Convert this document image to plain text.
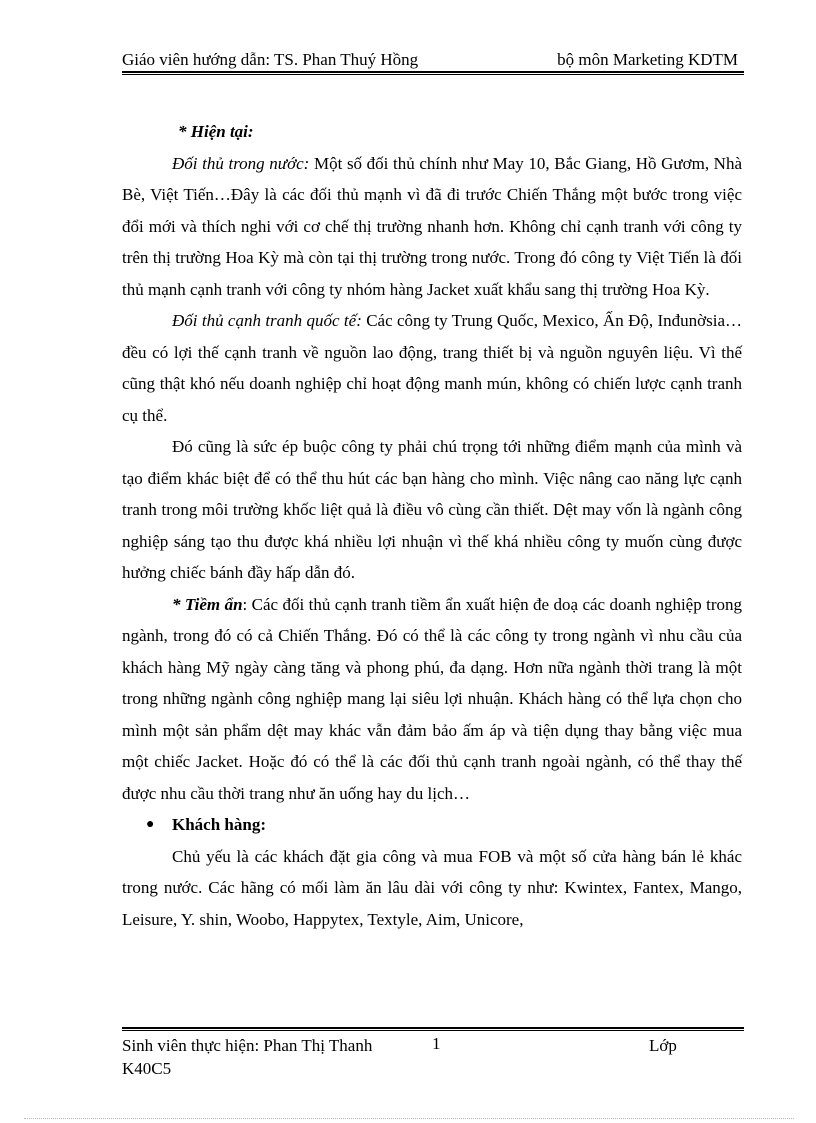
Giáo viên hướng dẫn: TS. Phan Thuý Hồng	bộ môn Marketing KDTM

* Hiện tại:

Đối thủ trong nước: Một số đối thủ chính như May 10, Bắc Giang, Hồ Gươm, Nhà Bè, Việt Tiến…Đây là các đối thủ mạnh vì đã đi trước Chiến Thắng một bước trong việc đổi mới và thích nghi với cơ chế thị trường nhanh hơn. Không chỉ cạnh tranh với công ty trên thị trường Hoa Kỳ mà còn tại thị trường trong nước. Trong đó công ty Việt Tiến là đối thủ mạnh cạnh tranh với công ty nhóm hàng Jacket xuất khẩu sang thị trường Hoa Kỳ.

Đối thủ cạnh tranh quốc tế: Các công ty Trung Quốc, Mexico, Ấn Độ, Inđunờsia… đều có lợi thế cạnh tranh về nguồn lao động, trang thiết bị và nguồn nguyên liệu. Vì thế cũng thật khó nếu doanh nghiệp chỉ hoạt động manh mún, không có chiến lược cạnh tranh cụ thể.

Đó cũng là sức ép buộc công ty phải chú trọng tới những điểm mạnh của mình và tạo điểm khác biệt để có thể thu hút các bạn hàng cho mình. Việc nâng cao năng lực cạnh tranh trong môi trường khốc liệt quả là điều vô cùng cần thiết. Dệt may vốn là ngành công nghiệp sáng tạo thu được khá nhiều lợi nhuận vì thế khá nhiều công ty muốn cùng được hưởng chiếc bánh đầy hấp dẫn đó.

* Tiềm ẩn: Các đối thủ cạnh tranh tiềm ẩn xuất hiện đe doạ các doanh nghiệp trong ngành, trong đó có cả Chiến Thắng. Đó có thể là các công ty trong ngành vì nhu cầu của khách hàng Mỹ ngày càng tăng và phong phú, đa dạng. Hơn nữa ngành thời trang là một trong những ngành công nghiệp mang lại siêu lợi nhuận. Khách hàng có thể lựa chọn cho mình một sản phẩm dệt may khác vẫn đảm bảo ấm áp và tiện dụng thay bằng việc mua một chiếc Jacket. Hoặc đó có thể là các đối thủ cạnh tranh ngoài ngành, có thể thay thế được nhu cầu thời trang như ăn uống hay du lịch…

●	Khách hàng:

Chủ yếu là các khách đặt gia công và mua FOB và một số cửa hàng bán lẻ khác trong nước. Các hãng có mối làm ăn lâu dài với công ty như: Kwintex, Fantex, Mango, Leisure, Y. shin, Woobo, Happytex, Textyle, Aim, Unicore,

Sinh viên thực hiện: Phan Thị Thanh	1	Lớp
K40C5
